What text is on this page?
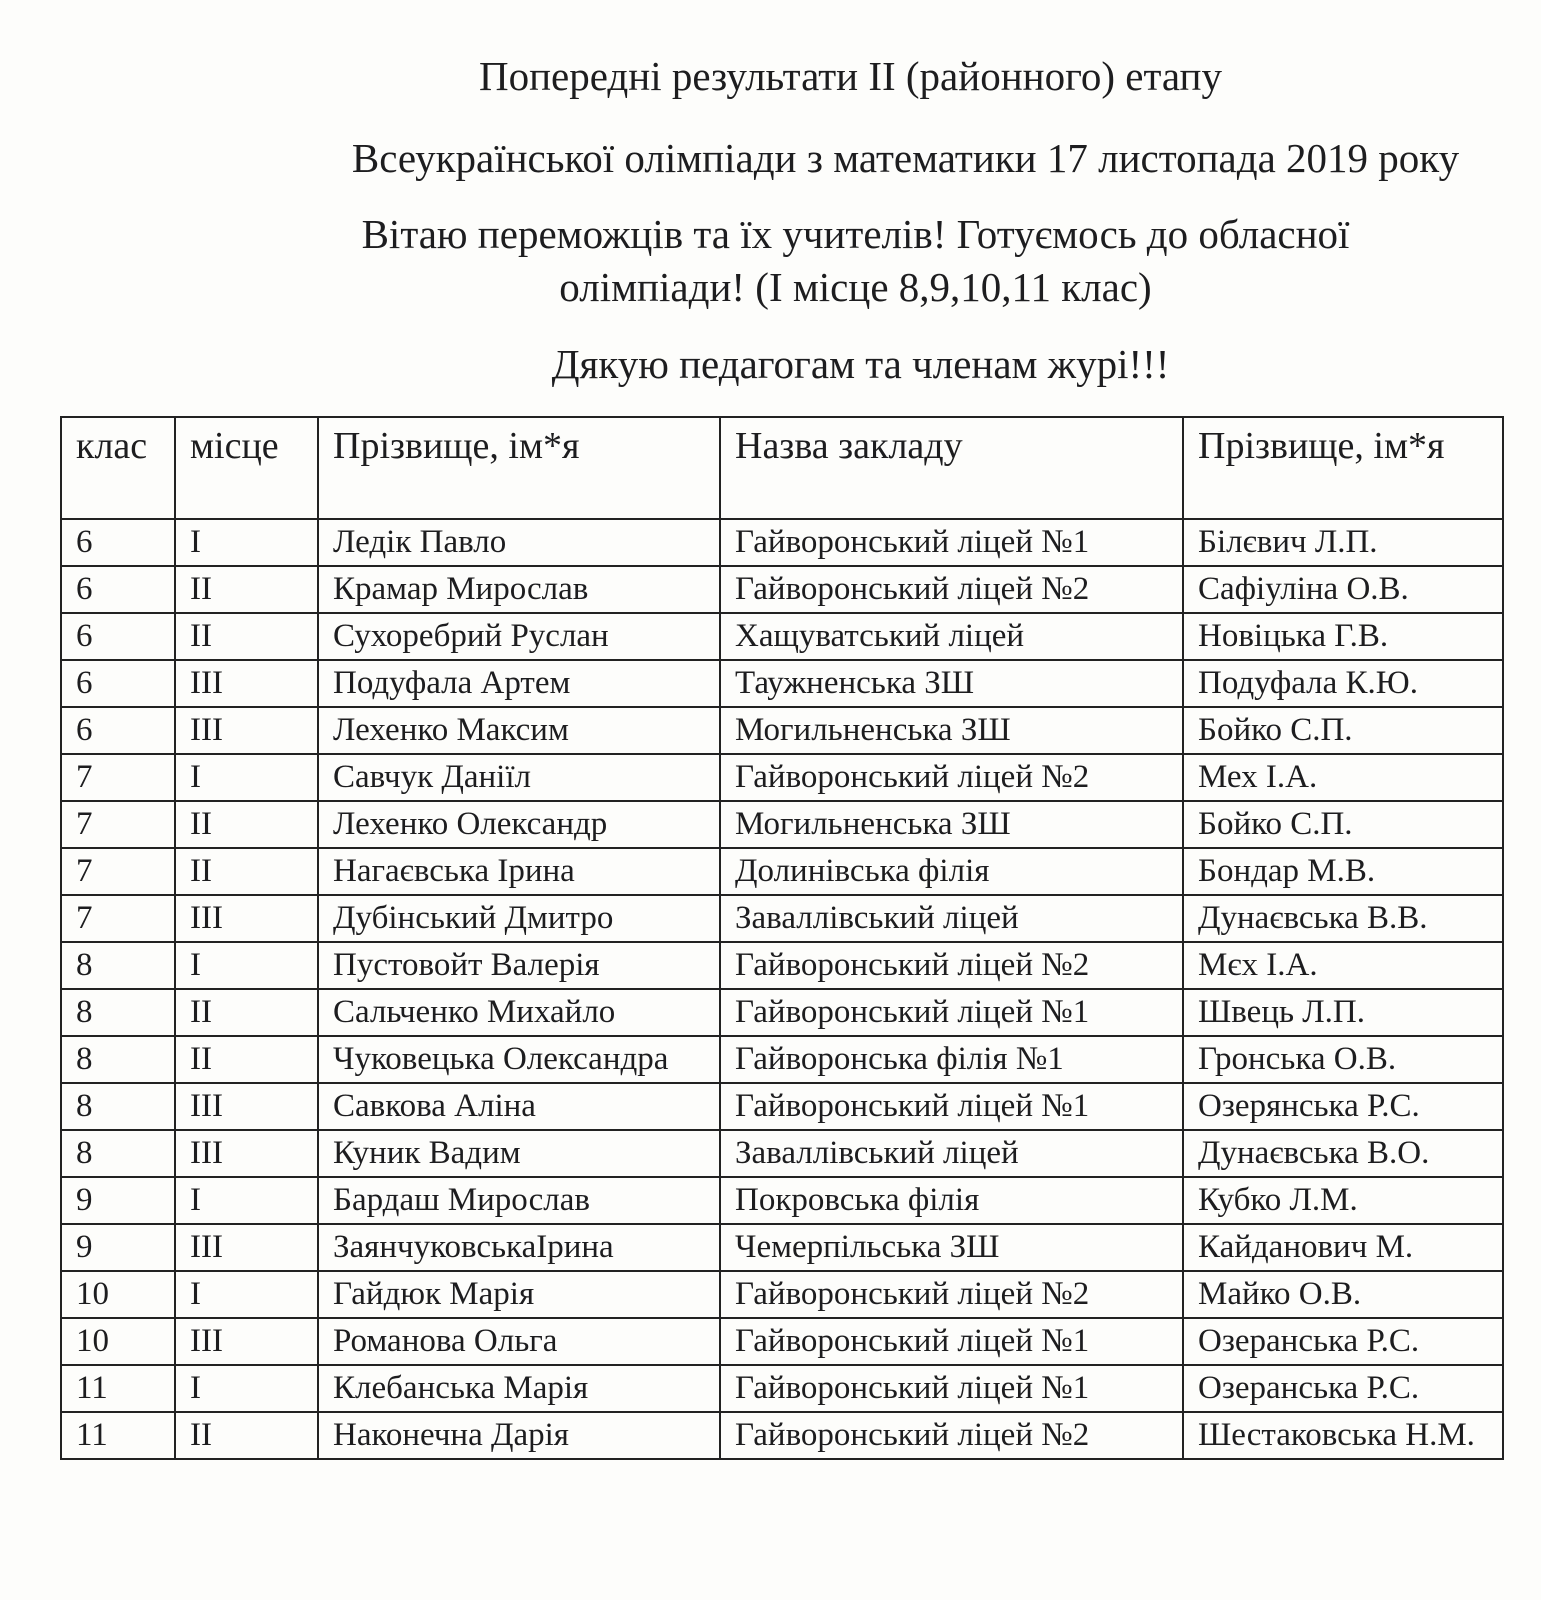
Попередні результати II (районного) етапу
Всеукраїнської олімпіади з математики 17 листопада 2019 року
Вітаю переможців та їх учителів! Готуємось до обласної
олімпіади! (I місце 8,9,10,11 клас)
Дякую педагогам та членам журі!!!
клас	місце	Прізвище, ім*я	Назва закладу	Прізвище, ім*я
6	I	Ледік Павло	Гайворонський ліцей №1	Білєвич Л.П.
6	II	Крамар Мирослав	Гайворонський ліцей №2	Сафіуліна О.В.
6	II	Сухоребрий Руслан	Хащуватський ліцей	Новіцька Г.В.
6	III	Подуфала Артем	Таужненська ЗШ	Подуфала К.Ю.
6	III	Лехенко Максим	Могильненська ЗШ	Бойко С.П.
7	I	Савчук Даніїл	Гайворонський ліцей №2	Мех І.А.
7	II	Лехенко Олександр	Могильненська ЗШ	Бойко С.П.
7	II	Нагаєвська Ірина	Долинівська філія	Бондар М.В.
7	III	Дубінський Дмитро	Заваллівський ліцей	Дунаєвська В.В.
8	I	Пустовойт Валерія	Гайворонський ліцей №2	Мєх І.А.
8	II	Сальченко Михайло	Гайворонський ліцей №1	Швець Л.П.
8	II	Чуковецька Олександра	Гайворонська філія №1	Гронська О.В.
8	III	Савкова Аліна	Гайворонський ліцей №1	Озерянська Р.С.
8	III	Куник Вадим	Заваллівський ліцей	Дунаєвська В.О.
9	I	Бардаш Мирослав	Покровська філія	Кубко Л.М.
9	III	ЗаянчуковськаІрина	Чемерпільська ЗШ	Кайданович М.
10	I	Гайдюк Марія	Гайворонський ліцей №2	Майко О.В.
10	III	Романова Ольга	Гайворонський ліцей №1	Озеранська Р.С.
11	I	Клебанська Марія	Гайворонський ліцей №1	Озеранська Р.С.
11	II	Наконечна Дарія	Гайворонський ліцей №2	Шестаковська Н.М.
